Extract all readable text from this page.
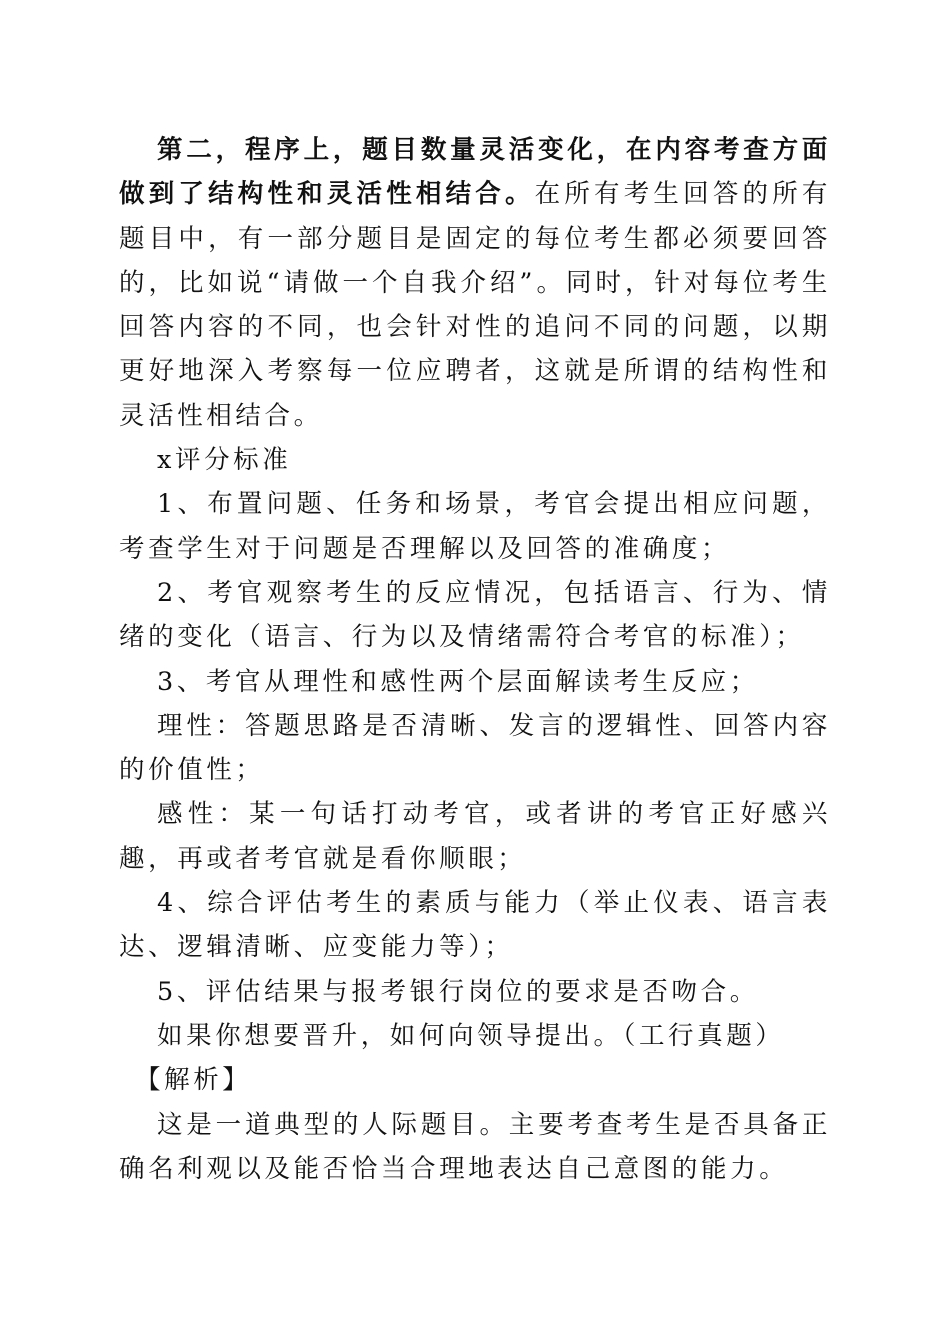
第二，程序上，题目数量灵活变化，在内容考查方面做到了结构性和灵活性相结合。在所有考生回答的所有题目中，有一部分题目是固定的每位考生都必须要回答的，比如说“请做一个自我介绍”。同时，针对每位考生回答内容的不同，也会针对性的追问不同的问题，以期更好地深入考察每一位应聘者，这就是所谓的结构性和灵活性相结合。

x评分标准

1、布置问题、任务和场景，考官会提出相应问题，考查学生对于问题是否理解以及回答的准确度；

2、考官观察考生的反应情况，包括语言、行为、情绪的变化（语言、行为以及情绪需符合考官的标准）；

3、考官从理性和感性两个层面解读考生反应；

理性：答题思路是否清晰、发言的逻辑性、回答内容的价值性；

感性：某一句话打动考官，或者讲的考官正好感兴趣，再或者考官就是看你顺眼；

4、综合评估考生的素质与能力（举止仪表、语言表达、逻辑清晰、应变能力等）；

5、评估结果与报考银行岗位的要求是否吻合。

如果你想要晋升，如何向领导提出。（工行真题）

【解析】

这是一道典型的人际题目。主要考查考生是否具备正确名利观以及能否恰当合理地表达自己意图的能力。
